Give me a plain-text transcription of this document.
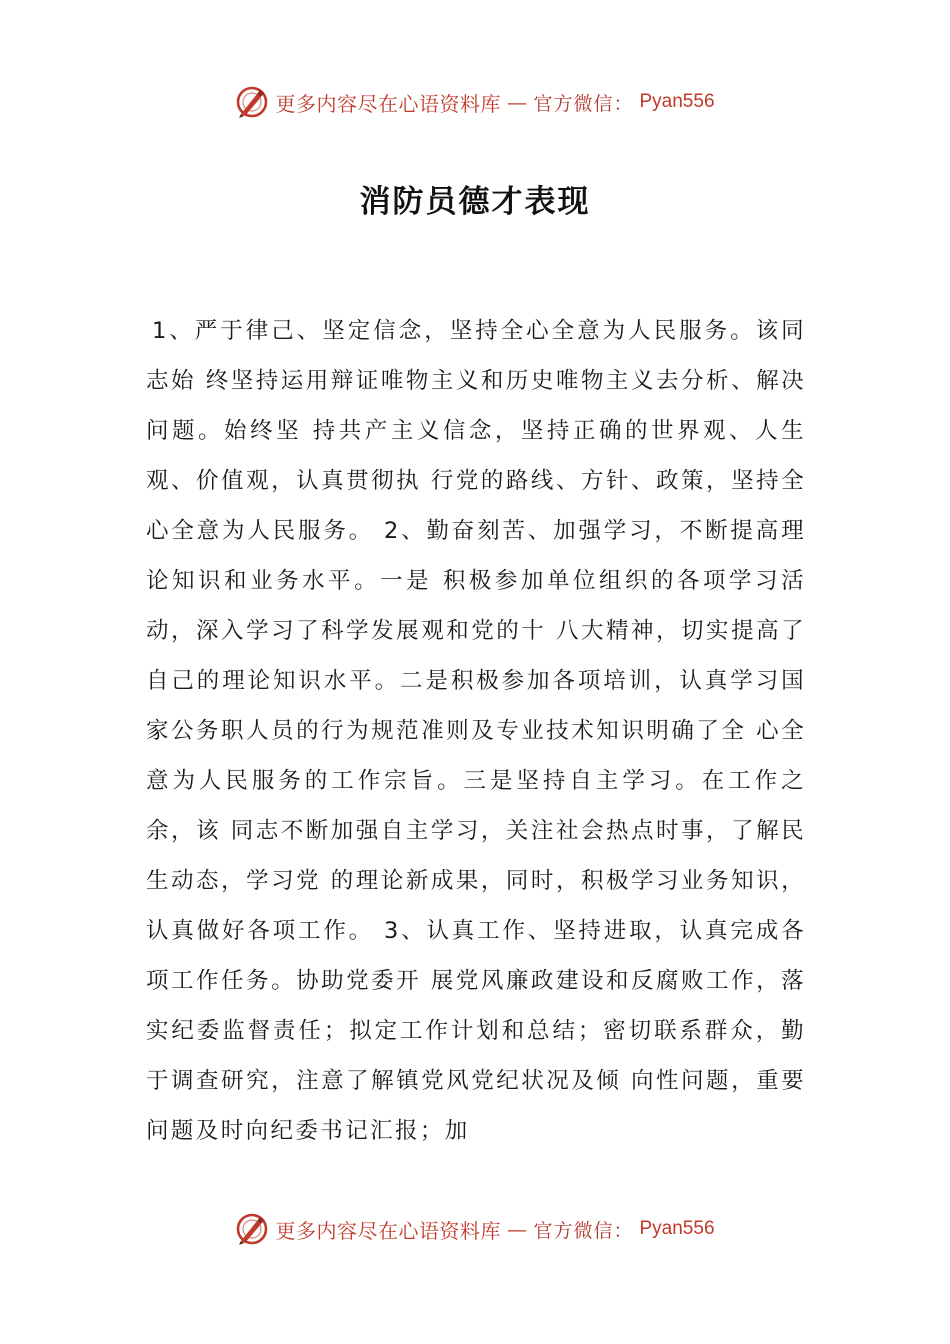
更多内容尽在心语资料库 — 官方微信： Pyan556
消防员德才表现
1、严于律己、坚定信念，坚持全心全意为人民服务。该同志始 终坚持运用辩证唯物主义和历史唯物主义去分析、解决问题。始终坚 持共产主义信念，坚持正确的世界观、人生观、价值观，认真贯彻执 行党的路线、方针、政策，坚持全心全意为人民服务。 2、勤奋刻苦、加强学习，不断提高理论知识和业务水平。一是 积极参加单位组织的各项学习活动，深入学习了科学发展观和党的十 八大精神，切实提高了自己的理论知识水平。二是积极参加各项培训，认真学习国家公务职人员的行为规范准则及专业技术知识明确了全 心全意为人民服务的工作宗旨。三是坚持自主学习。在工作之余，该 同志不断加强自主学习，关注社会热点时事，了解民生动态，学习党 的理论新成果，同时，积极学习业务知识，认真做好各项工作。 3、认真工作、坚持进取，认真完成各项工作任务。协助党委开 展党风廉政建设和反腐败工作，落实纪委监督责任；拟定工作计划和总结；密切联系群众，勤于调查研究，注意了解镇党风党纪状况及倾 向性问题，重要问题及时向纪委书记汇报；加
更多内容尽在心语资料库 — 官方微信： Pyan556
